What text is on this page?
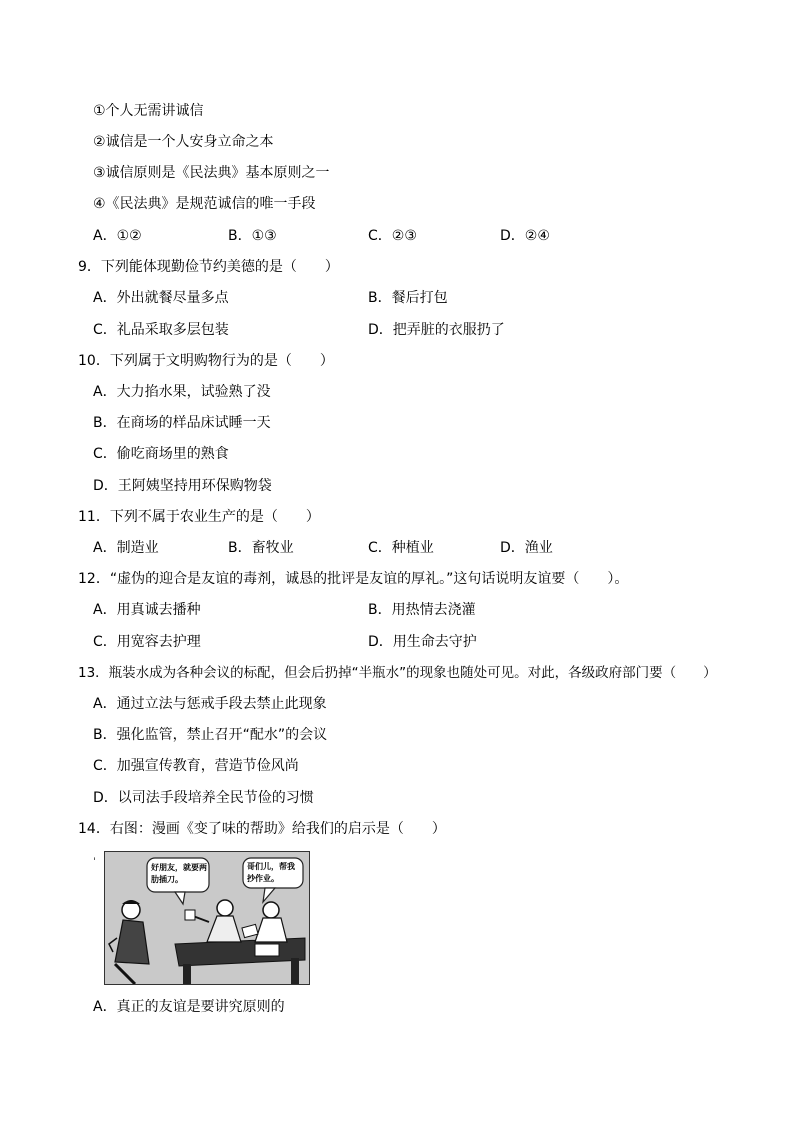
①个人无需讲诚信
②诚信是一个人安身立命之本
③诚信原则是《民法典》基本原则之一
④《民法典》是规范诚信的唯一手段
A．①②	B．①③	C．②③	D．②④
9．下列能体现勤俭节约美德的是（　　）
A．外出就餐尽量多点	B．餐后打包
C．礼品采取多层包装	D．把弄脏的衣服扔了
10．下列属于文明购物行为的是（　　）
A．大力掐水果，试验熟了没
B．在商场的样品床试睡一天
C．偷吃商场里的熟食
D．王阿姨坚持用环保购物袋
11．下列不属于农业生产的是（　　）
A．制造业	B．畜牧业	C．种植业	D．渔业
12．“虚伪的迎合是友谊的毒剂，诚恳的批评是友谊的厚礼。”这句话说明友谊要（　　）。
A．用真诚去播种	B．用热情去浇灌
C．用宽容去护理	D．用生命去守护
13．瓶装水成为各种会议的标配，但会后扔掉“半瓶水”的现象也随处可见。对此，各级政府部门要（　　）
A．通过立法与惩戒手段去禁止此现象
B．强化监管，禁止召开“配水”的会议
C．加强宣传教育，营造节俭风尚
D．以司法手段培养全民节俭的习惯
14．右图：漫画《变了味的帮助》给我们的启示是（　　）
ˈ	好朋友，就要两肋插刀。
哥们儿，帮我抄作业。
A．真正的友谊是要讲究原则的
